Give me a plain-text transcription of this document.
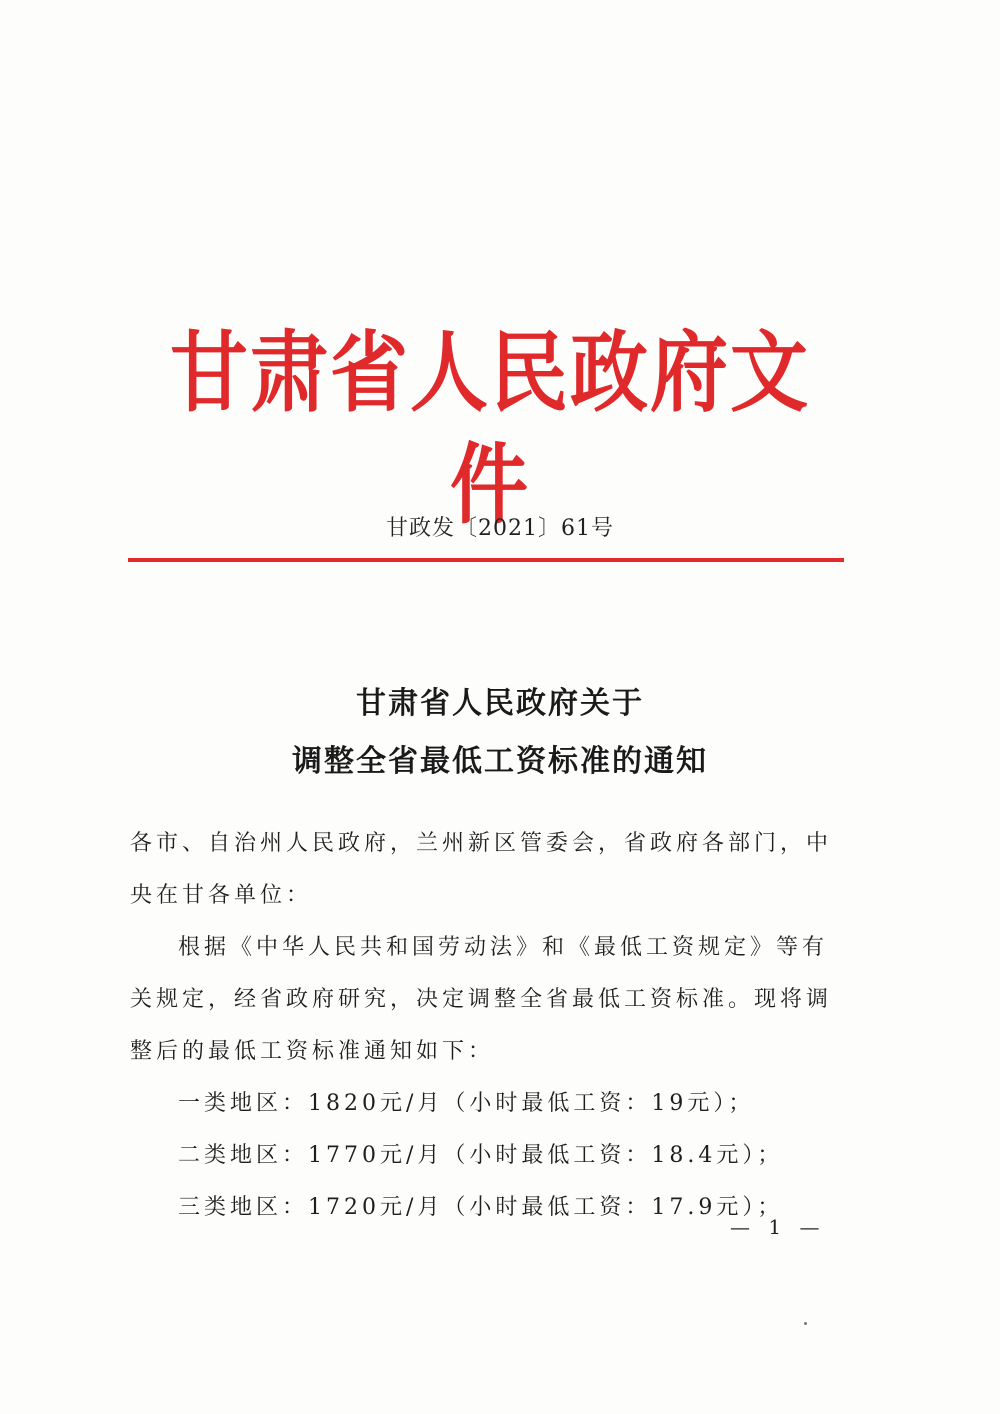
甘肃省人民政府文件
甘政发〔2021〕61号
甘肃省人民政府关于
调整全省最低工资标准的通知
各市、自治州人民政府，兰州新区管委会，省政府各部门，中央在甘各单位：
根据《中华人民共和国劳动法》和《最低工资规定》等有关规定，经省政府研究，决定调整全省最低工资标准。现将调整后的最低工资标准通知如下：
一类地区：1820元/月（小时最低工资：19元）；
二类地区：1770元/月（小时最低工资：18.4元）；
三类地区：1720元/月（小时最低工资：17.9元）；
— 1 —
